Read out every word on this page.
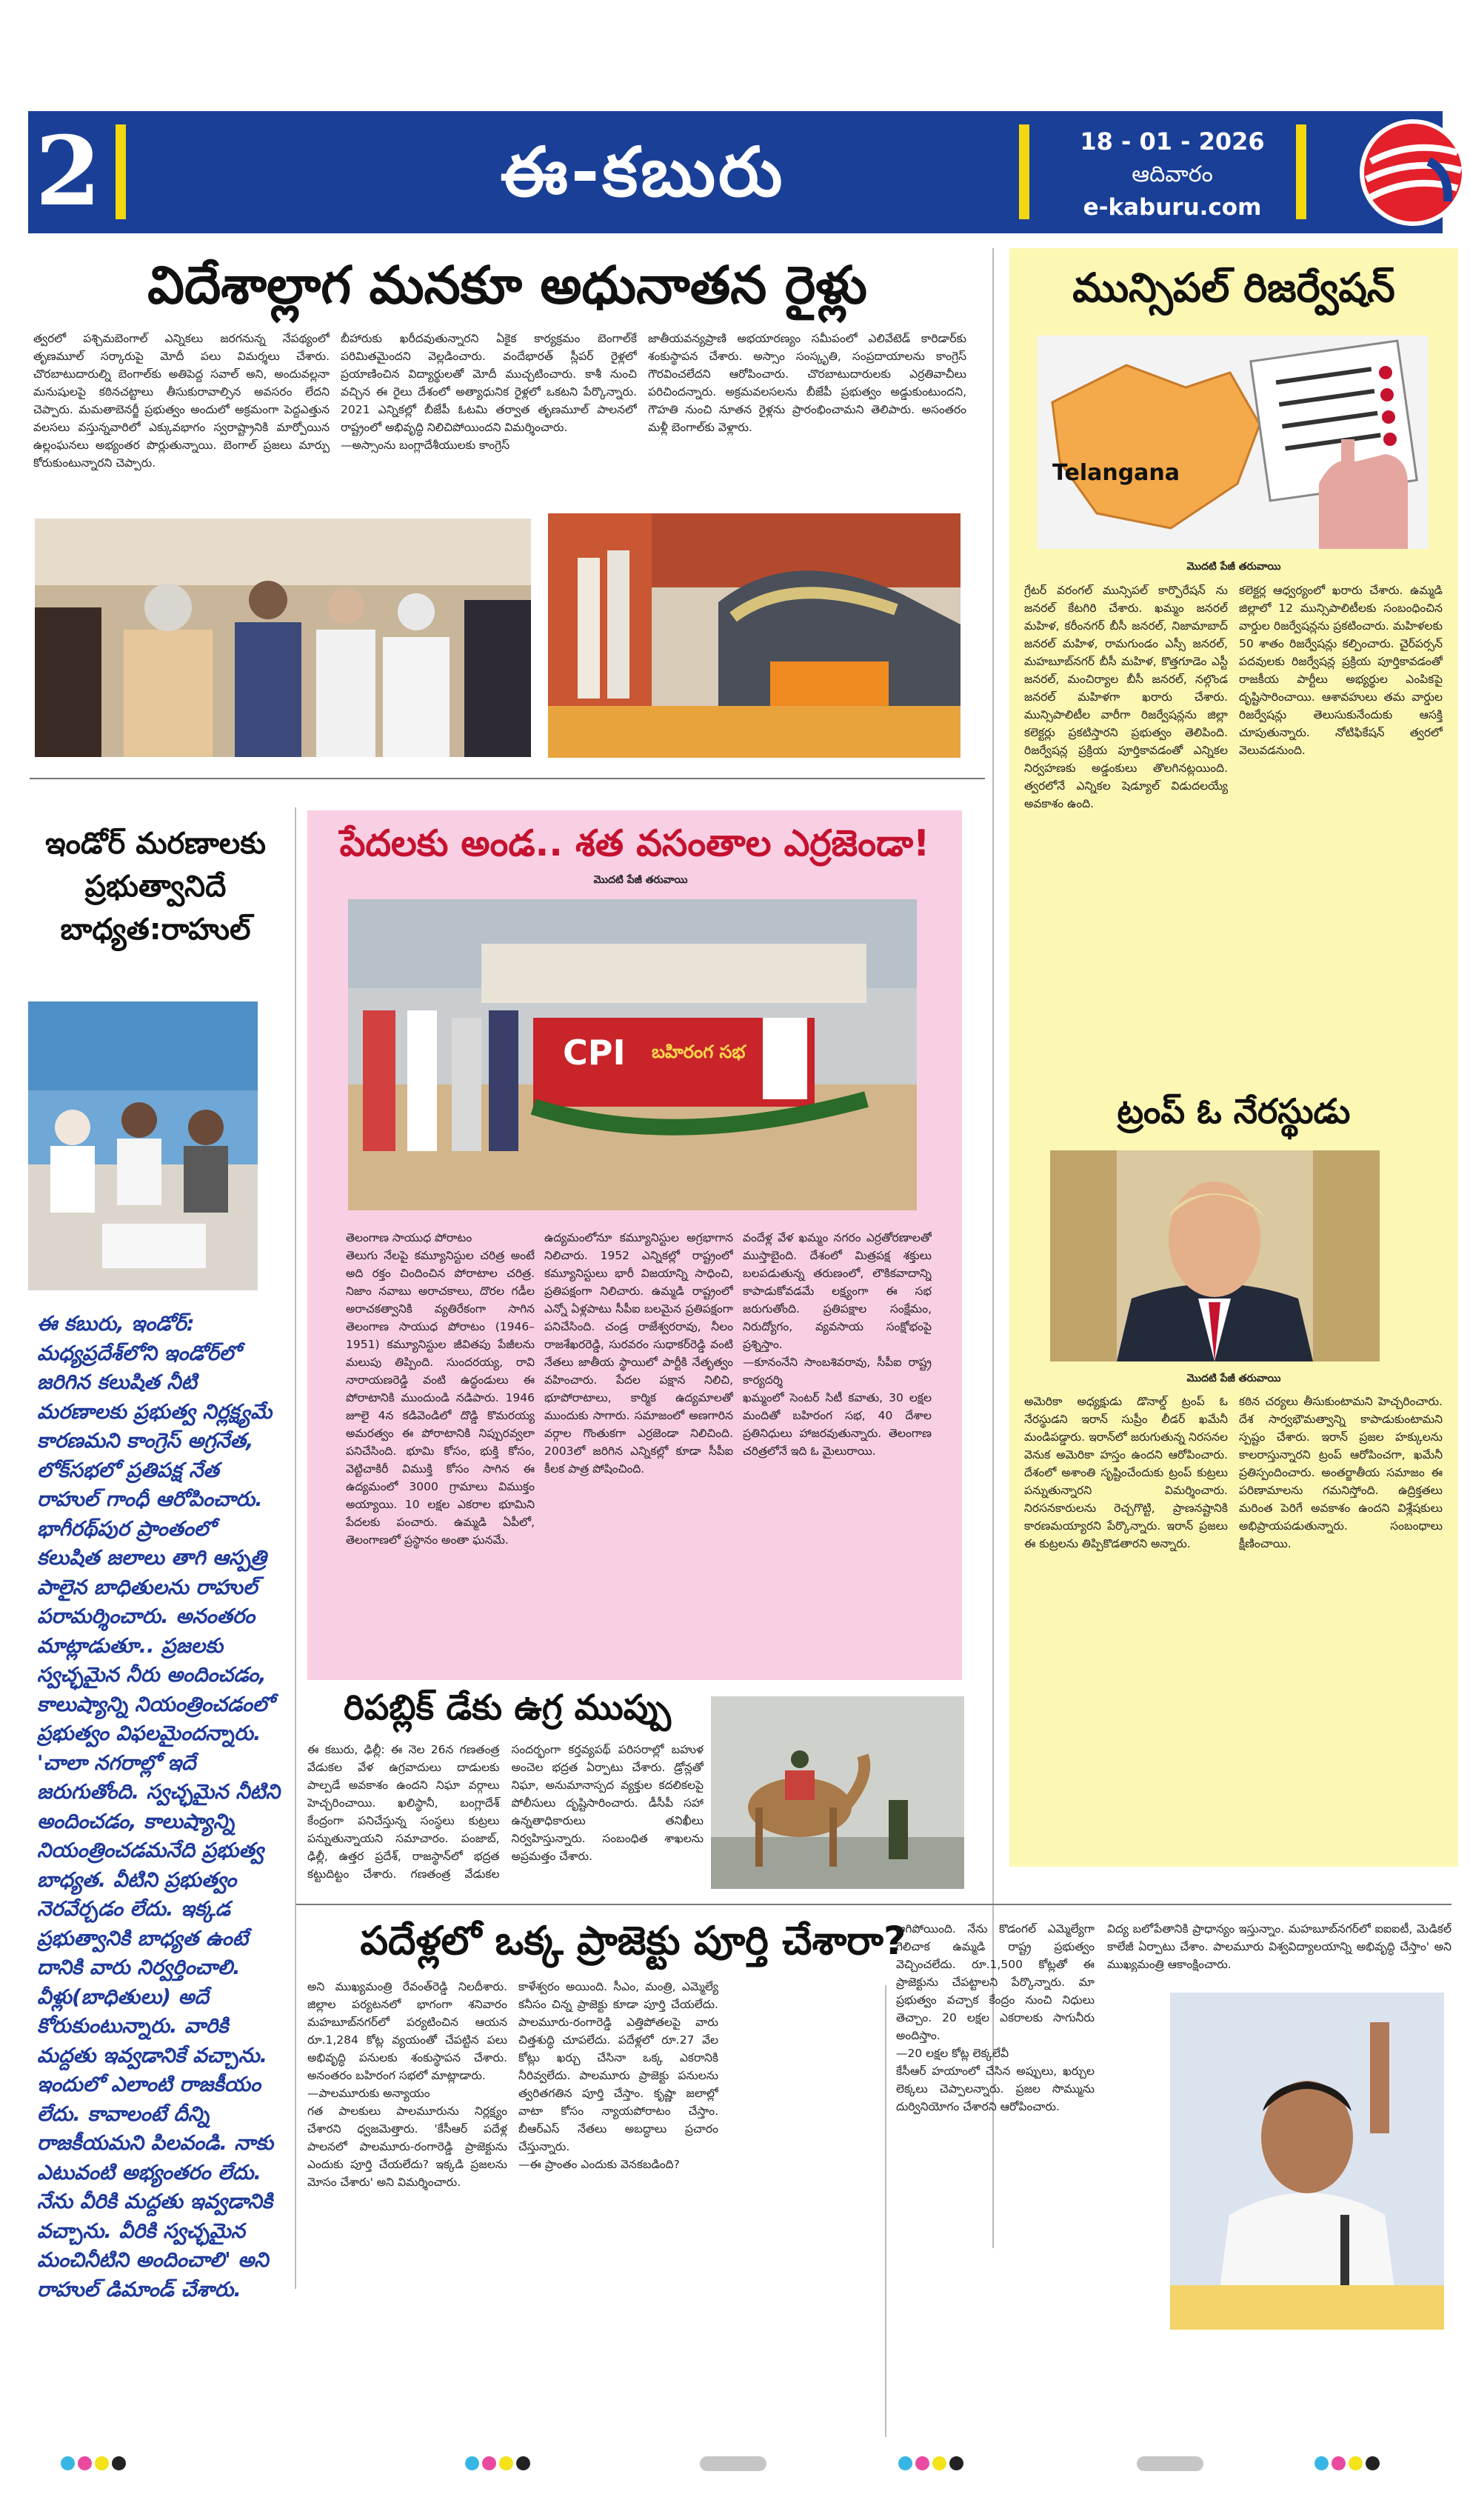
2	ఈ-కబురు	18 - 01 - 2026
ఆదివారం
e-kaburu.com
విదేశాల్లాగ మనకూ అధునాతన రైళ్లు
త్వరలో పశ్చిమబెంగాల్ ఎన్నికలు జరగనున్న నేపథ్యంలో తృణమూల్ సర్కారుపై మోదీ పలు విమర్శలు చేశారు. చొరబాటుదారుల్ని బెంగాల్‌కు అతిపెద్ద సవాల్ అని, అందువల్లనా మనుషులపై కఠినచట్టాలు తీసుకురావాల్సిన అవసరం లేదని చెప్పారు. మమతాబెనర్జీ ప్రభుత్వం అందులో అక్రమంగా పెద్దఎత్తున వలసలు వస్తున్నవారిలో ఎక్కువభాగం స్వరాష్ట్రానికి మార్పోయిన ఉల్లంఘనలు అభ్యంతర పొర్లుతున్నాయి. బెంగాల్ ప్రజలు మార్పు కోరుకుంటున్నారని చెప్పారు.
బీహారుకు ఖరీదవుతున్నారని ఏకైక కార్యక్రమం బెంగాల్‌కే పరిమితమైందని వెల్లడించారు. వందేభారత్ స్లీపర్ రైళ్లలో ప్రయాణించిన విద్యార్థులతో మోదీ ముచ్చటించారు. కాశీ నుంచి వచ్చిన ఈ రైలు దేశంలో అత్యాధునిక రైళ్లలో ఒకటని పేర్కొన్నారు. 2021 ఎన్నికల్లో బీజేపీ ఓటమి తర్వాత తృణమూల్ పాలనలో రాష్ట్రంలో అభివృద్ధి నిలిచిపోయిందని విమర్శించారు.
—అస్సాంను బంగ్లాదేశీయులకు కాంగ్రెస్
జాతీయవన్యప్రాణి అభయారణ్యం సమీపంలో ఎలివేటెడ్ కారిడార్‌కు శంకుస్థాపన చేశారు. అస్సాం సంస్కృతి, సంప్రదాయాలను కాంగ్రెస్ గౌరవించలేదని ఆరోపించారు. చొరబాటుదారులకు ఎర్రతివాచీలు పరిచిందన్నారు. అక్రమవలసలను బీజేపీ ప్రభుత్వం అడ్డుకుంటుందని, గౌహతి నుంచి నూతన రైళ్లను ప్రారంభించామని తెలిపారు. అసంతరం మళ్లీ బెంగాల్‌కు వెళ్లారు.
ఇండోర్ మరణాలకు ప్రభుత్వానిదే బాధ్యత:రాహుల్
ఈ కబురు, ఇండోర్: మధ్యప్రదేశ్‌లోని ఇండోర్‌లో జరిగిన కలుషిత నీటి మరణాలకు ప్రభుత్వ నిర్లక్ష్యమే కారణమని కాంగ్రెస్ అగ్రనేత, లోక్‌సభలో ప్రతిపక్ష నేత రాహుల్ గాంధీ ఆరోపించారు. భాగీరథ్‌పుర ప్రాంతంలో కలుషిత జలాలు తాగి ఆస్పత్రి పాలైన బాధితులను రాహుల్ పరామర్శించారు. అనంతరం మాట్లాడుతూ.. ప్రజలకు స్వచ్ఛమైన నీరు అందించడం, కాలుష్యాన్ని నియంత్రించడంలో ప్రభుత్వం విఫలమైందన్నారు. 'చాలా నగరాల్లో ఇదే జరుగుతోంది. స్వచ్ఛమైన నీటిని అందించడం, కాలుష్యాన్ని నియంత్రించడమనేది ప్రభుత్వ బాధ్యత. వీటిని ప్రభుత్వం నెరవేర్చడం లేదు. ఇక్కడ ప్రభుత్వానికి బాధ్యత ఉంటే దానికి వారు నిర్వర్తించాలి. వీళ్లు(బాధితులు) అదే కోరుకుంటున్నారు. వారికి మద్దతు ఇవ్వడానికే వచ్చాను. ఇందులో ఎలాంటి రాజకీయం లేదు. కావాలంటే దీన్ని రాజకీయమని పిలవండి. నాకు ఎటువంటి అభ్యంతరం లేదు. నేను వీరికి మద్దతు ఇవ్వడానికి వచ్చాను. వీరికి స్వచ్ఛమైన మంచినీటిని అందించాలి' అని రాహుల్ డిమాండ్ చేశారు.
పేదలకు అండ.. శత వసంతాల ఎర్రజెండా!
మొదటి పేజీ తరువాయి
CPI బహిరంగ సభ
తెలంగాణ సాయుధ పోరాటం
తెలుగు నేలపై కమ్యూనిస్టుల చరిత్ర అంటే అది రక్తం చిందించిన పోరాటాల చరిత్ర. నిజాం నవాబు అరాచకాలు, దొరల గడీల అరాచకత్వానికి వ్యతిరేకంగా సాగిన తెలంగాణ సాయుధ పోరాటం (1946–1951) కమ్యూనిస్టుల జీవితపు పేజీలను మలుపు తిప్పింది. సుందరయ్య, రావి నారాయణరెడ్డి వంటి ఉద్ధండులు ఈ పోరాటానికి ముందుండి నడిపారు. 1946 జూలై 4న కడివెండిలో దొడ్డి కొమరయ్య అమరత్వం ఈ పోరాటానికి నిప్పురవ్వలా పనిచేసింది. భూమి కోసం, భుక్తి కోసం, వెట్టిచాకిరీ విముక్తి కోసం సాగిన ఈ ఉద్యమంలో 3000 గ్రామాలు విముక్తం అయ్యాయి. 10 లక్షల ఎకరాల భూమిని పేదలకు పంచారు. ఉమ్మడి ఏపీలో, తెలంగాణలో ప్రస్థానం అంతా ఘనమే.
ఉద్యమంలోనూ కమ్యూనిస్టుల అగ్రభాగాన నిలిచారు. 1952 ఎన్నికల్లో రాష్ట్రంలో కమ్యూనిస్టులు భారీ విజయాన్ని సాధించి, ప్రతిపక్షంగా నిలిచారు. ఉమ్మడి రాష్ట్రంలో ఎన్నో ఏళ్లపాటు సీపీఐ బలమైన ప్రతిపక్షంగా పనిచేసింది. చండ్ర రాజేశ్వరరావు, నీలం రాజశేఖరరెడ్డి, సురవరం సుధాకర్‌రెడ్డి వంటి నేతలు జాతీయ స్థాయిలో పార్టీకి నేతృత్వం వహించారు. పేదల పక్షాన నిలిచి, భూపోరాటాలు, కార్మిక ఉద్యమాలతో ముందుకు సాగారు. సమాజంలో అణగారిన వర్గాల గొంతుకగా ఎర్రజెండా నిలిచింది. 2003లో జరిగిన ఎన్నికల్లో కూడా సీపీఐ కీలక పాత్ర పోషించింది.
వందేళ్ల వేళ ఖమ్మం నగరం ఎర్రతోరణాలతో ముస్తాబైంది. దేశంలో మిత్రపక్ష శక్తులు బలపడుతున్న తరుణంలో, లౌకికవాదాన్ని కాపాడుకోవడమే లక్ష్యంగా ఈ సభ జరుగుతోంది. ప్రతిపక్షాల సంక్షేమం, నిరుద్యోగం, వ్యవసాయ సంక్షోభంపై ప్రశ్నిస్తాం.
—కూనంనేని సాంబశివరావు, సీపీఐ రాష్ట్ర కార్యదర్శి
ఖమ్మంలో సెంటర్ సిటీ కవాతు, 30 లక్షల మందితో బహిరంగ సభ, 40 దేశాల ప్రతినిధులు హాజరవుతున్నారు. తెలంగాణ చరిత్రలోనే ఇది ఓ మైలురాయి.
రిపబ్లిక్ డేకు ఉగ్ర ముప్పు
ఈ కబురు, ఢిల్లీ: ఈ నెల 26న గణతంత్ర వేడుకల వేళ ఉగ్రవాదులు దాడులకు పాల్పడే అవకాశం ఉందని నిఘా వర్గాలు హెచ్చరించాయి. ఖలిస్థానీ, బంగ్లాదేశ్ కేంద్రంగా పనిచేస్తున్న సంస్థలు కుట్రలు పన్నుతున్నాయని సమాచారం. పంజాబ్, ఢిల్లీ, ఉత్తర ప్రదేశ్, రాజస్థాన్‌లో భద్రత కట్టుదిట్టం చేశారు. గణతంత్ర వేడుకల సందర్భంగా కర్తవ్యపథ్ పరిసరాల్లో బహుళ అంచెల భద్రత ఏర్పాటు చేశారు. డ్రోన్లతో నిఘా, అనుమానాస్పద వ్యక్తుల కదలికలపై పోలీసులు దృష్టిసారించారు. డీసీపీ సహా ఉన్నతాధికారులు తనిఖీలు నిర్వహిస్తున్నారు. సంబంధిత శాఖలను అప్రమత్తం చేశారు.
మున్సిపల్ రిజర్వేషన్
Telangana
మొదటి పేజీ తరువాయి
గ్రేటర్ వరంగల్ మున్సిపల్ కార్పొరేషన్ ను జనరల్ కేటగిరి చేశారు. ఖమ్మం జనరల్ మహిళ, కరీంనగర్ బీసీ జనరల్, నిజామాబాద్ జనరల్ మహిళ, రామగుండం ఎస్సీ జనరల్, మహబూబ్‌నగర్ బీసీ మహిళ, కొత్తగూడెం ఎస్టీ జనరల్, మంచిర్యాల బీసీ జనరల్, నల్గొండ జనరల్ మహిళగా ఖరారు చేశారు. మున్సిపాలిటీల వారీగా రిజర్వేషన్లను జిల్లా కలెక్టర్లు ప్రకటిస్తారని ప్రభుత్వం తెలిపింది. రిజర్వేషన్ల ప్రక్రియ పూర్తికావడంతో ఎన్నికల నిర్వహణకు అడ్డంకులు తొలగినట్లయింది. త్వరలోనే ఎన్నికల షెడ్యూల్ విడుదలయ్యే అవకాశం ఉంది.
కలెక్టర్ల ఆధ్వర్యంలో ఖరారు చేశారు. ఉమ్మడి జిల్లాలో 12 మున్సిపాలిటీలకు సంబంధించిన వార్డుల రిజర్వేషన్లను ప్రకటించారు. మహిళలకు 50 శాతం రిజర్వేషన్లు కల్పించారు. చైర్‌పర్సన్ పదవులకు రిజర్వేషన్ల ప్రక్రియ పూర్తికావడంతో రాజకీయ పార్టీలు అభ్యర్థుల ఎంపికపై దృష్టిసారించాయి. ఆశావహులు తమ వార్డుల రిజర్వేషన్లు తెలుసుకునేందుకు ఆసక్తి చూపుతున్నారు. నోటిఫికేషన్ త్వరలో వెలువడనుంది.
ట్రంప్ ఓ నేరస్థుడు
మొదటి పేజీ తరువాయి
అమెరికా అధ్యక్షుడు డొనాల్డ్ ట్రంప్ ఓ నేరస్థుడని ఇరాన్ సుప్రీం లీడర్ ఖమేనీ మండిపడ్డారు. ఇరాన్‌లో జరుగుతున్న నిరసనల వెనుక అమెరికా హస్తం ఉందని ఆరోపించారు. దేశంలో అశాంతి సృష్టించేందుకు ట్రంప్ కుట్రలు పన్నుతున్నారని విమర్శించారు. నిరసనకారులను రెచ్చగొట్టి, ప్రాణనష్టానికి కారణమయ్యారని పేర్కొన్నారు. ఇరాన్ ప్రజలు ఈ కుట్రలను తిప్పికొడతారని అన్నారు.
కఠిన చర్యలు తీసుకుంటామని హెచ్చరించారు. దేశ సార్వభౌమత్వాన్ని కాపాడుకుంటామని స్పష్టం చేశారు. ఇరాన్ ప్రజల హక్కులను కాలరాస్తున్నారని ట్రంప్ ఆరోపించగా, ఖమేనీ ప్రతిస్పందించారు. అంతర్జాతీయ సమాజం ఈ పరిణామాలను గమనిస్తోంది. ఉద్రిక్తతలు మరింత పెరిగే అవకాశం ఉందని విశ్లేషకులు అభిప్రాయపడుతున్నారు. సంబంధాలు క్షీణించాయి.
పదేళ్లలో ఒక్క ప్రాజెక్టు పూర్తి చేశారా?
అని ముఖ్యమంత్రి రేవంత్‌రెడ్డి నిలదీశారు. జిల్లాల పర్యటనలో భాగంగా శనివారం మహబూబ్‌నగర్‌లో పర్యటించిన ఆయన రూ.1,284 కోట్ల వ్యయంతో చేపట్టిన పలు అభివృద్ధి పనులకు శంకుస్థాపన చేశారు. అనంతరం బహిరంగ సభలో మాట్లాడారు.
—పాలమూరుకు అన్యాయం
గత పాలకులు పాలమూరును నిర్లక్ష్యం చేశారని ధ్వజమెత్తారు. 'కేసీఆర్ పదేళ్ల పాలనలో పాలమూరు-రంగారెడ్డి ప్రాజెక్టును ఎందుకు పూర్తి చేయలేదు? ఇక్కడి ప్రజలను మోసం చేశారు' అని విమర్శించారు.
కాళేశ్వరం అయింది. సీఎం, మంత్రి, ఎమ్మెల్యే కనీసం చిన్న ప్రాజెక్టు కూడా పూర్తి చేయలేదు. పాలమూరు-రంగారెడ్డి ఎత్తిపోతలపై వారు చిత్తశుద్ధి చూపలేదు. పదేళ్లలో రూ.27 వేల కోట్లు ఖర్చు చేసినా ఒక్క ఎకరానికి నీరివ్వలేదు. పాలమూరు ప్రాజెక్టు పనులను త్వరితగతిన పూర్తి చేస్తాం. కృష్ణా జలాల్లో వాటా కోసం న్యాయపోరాటం చేస్తాం. బీఆర్ఎస్ నేతలు అబద్ధాలు ప్రచారం చేస్తున్నారు.
—ఈ ప్రాంతం ఎందుకు వెనకబడింది?
ఆగిపోయింది. నేను కొడంగల్ ఎమ్మెల్యేగా గెలిచాక ఉమ్మడి రాష్ట్ర ప్రభుత్వం వెచ్చించలేదు. రూ.1,500 కోట్లతో ఈ ప్రాజెక్టును చేపట్టాలని పేర్కొన్నారు. మా ప్రభుత్వం వచ్చాక కేంద్రం నుంచి నిధులు తెచ్చాం. 20 లక్షల ఎకరాలకు సాగునీరు అందిస్తాం.
—20 లక్షల కోట్ల లెక్కలేవీ
కేసీఆర్ హయాంలో చేసిన అప్పులు, ఖర్చుల లెక్కలు చెప్పాలన్నారు. ప్రజల సొమ్మును దుర్వినియోగం చేశారని ఆరోపించారు.
విద్య బలోపేతానికి ప్రాధాన్యం ఇస్తున్నాం. మహబూబ్‌నగర్‌లో ఐఐఐటీ, మెడికల్ కాలేజీ ఏర్పాటు చేశాం. పాలమూరు విశ్వవిద్యాలయాన్ని అభివృద్ధి చేస్తాం' అని ముఖ్యమంత్రి ఆకాంక్షించారు.
